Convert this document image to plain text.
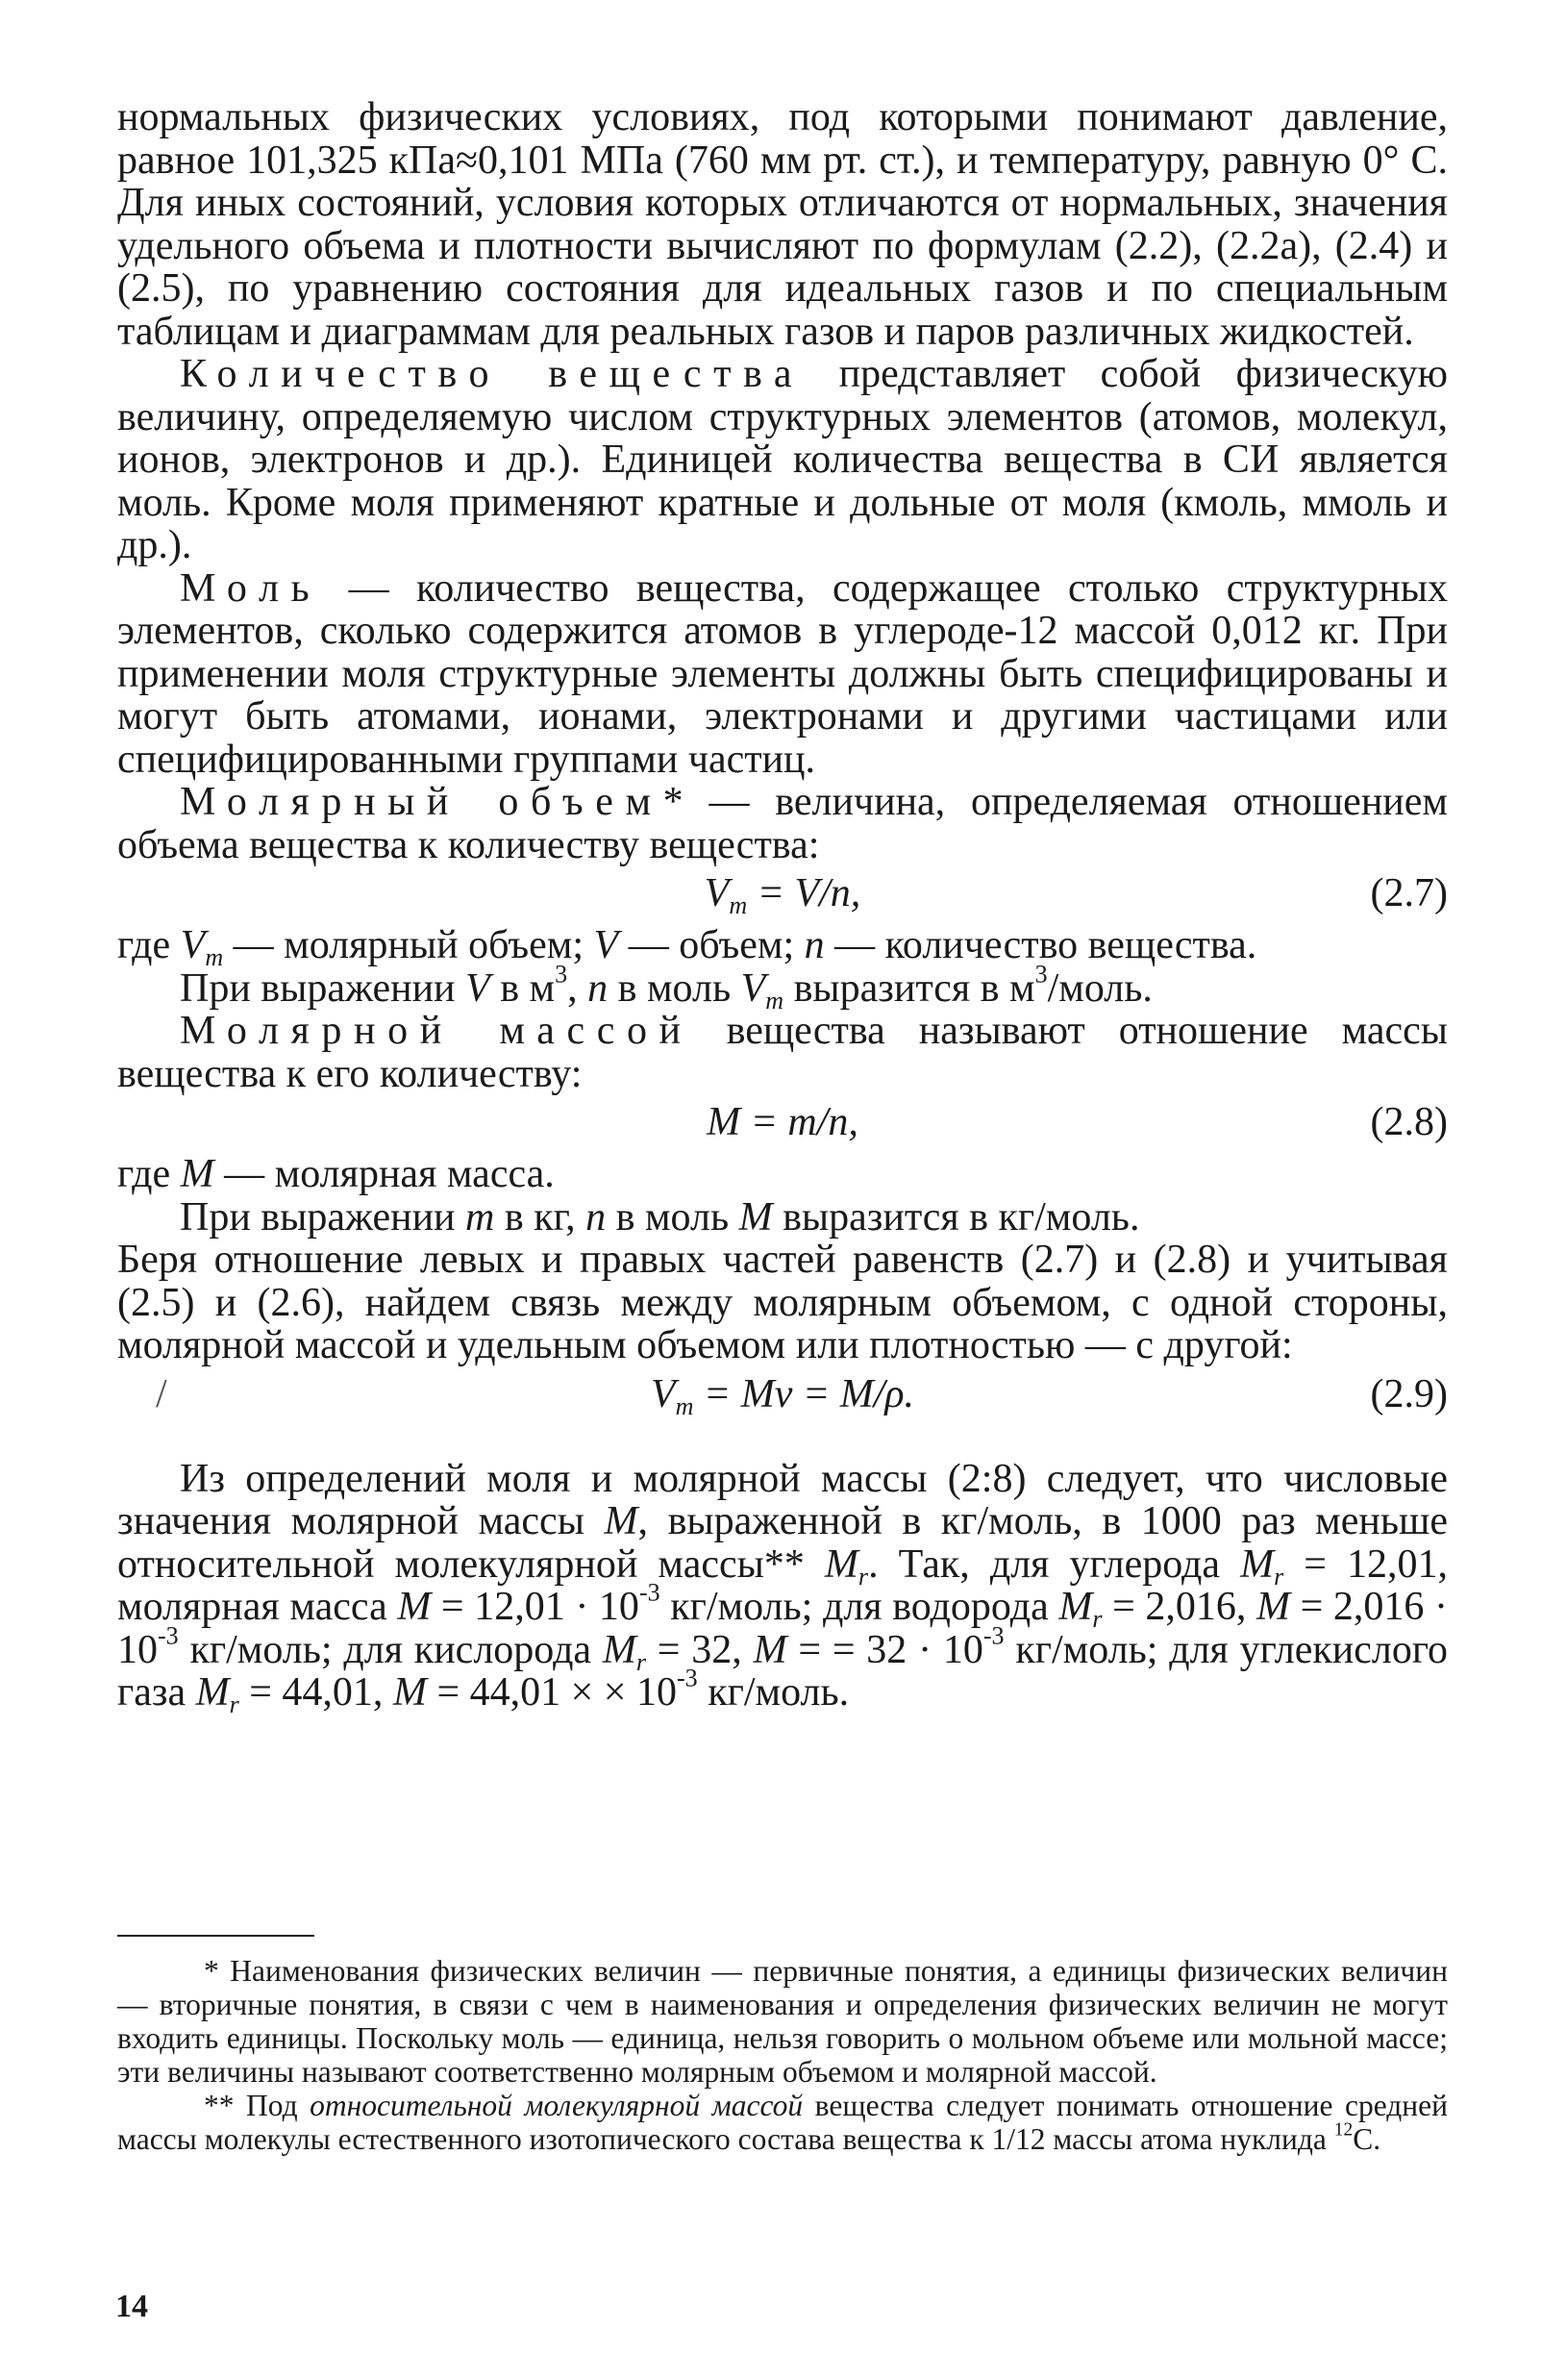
нормальных физических условиях, под которыми понимают давление, равное 101,325 кПа≈0,101 МПа (760 мм рт. ст.), и температуру, равную 0° С. Для иных состояний, условия которых отличаются от нормальных, значения удельного объема и плотности вычисляют по формулам (2.2), (2.2а), (2.4) и (2.5), по уравнению состояния для идеальных газов и по специальным таблицам и диаграммам для реальных газов и паров различных жидкостей.

Количество вещества представляет собой физическую величину, определяемую числом структурных элементов (атомов, молекул, ионов, электронов и др.). Единицей количества вещества в СИ является моль. Кроме моля применяют кратные и дольные от моля (кмоль, ммоль и др.).

Моль — количество вещества, содержащее столько структурных элементов, сколько содержится атомов в углероде-12 массой 0,012 кг. При применении моля структурные элементы должны быть специфицированы и могут быть атомами, ионами, электронами и другими частицами или специфицированными группами частиц.

Молярный объем* — величина, определяемая отношением объема вещества к количеству вещества:

$V_m = V/n$,	(2.7)

где $V_m$ — молярный объем; V — объем; n — количество вещества.

При выражении V в $м^3$, n в моль $V_m$ выразится в $м^3$/моль.

Молярной массой вещества называют отношение массы вещества к его количеству:

M = m/n,	(2.8)

где M — молярная масса.

При выражении m в кг, n в моль M выразится в кг/моль.

Беря отношение левых и правых частей равенств (2.7) и (2.8) и учитывая (2.5) и (2.6), найдем связь между молярным объемом, с одной стороны, молярной массой и удельным объемом или плотностью — с другой:

/	$V_m = Mv = M/\rho$.	(2.9)

Из определений моля и молярной массы (2:8) следует, что числовые значения молярной массы M, выраженной в кг/моль, в 1000 раз меньше относительной молекулярной массы** $M_r$. Так, для углерода $M_r = 12,01$, молярная масса $M = 12,01 \cdot 10^{-3}$ кг/моль; для водорода $M_r = 2,016$, $M = 2,016 \cdot 10^{-3}$ кг/моль; для кислорода $M_r = 32$, M = = $32 \cdot 10^{-3}$ кг/моль; для углекислого газа $M_r = 44,01$, M = 44,01 × × $10^{-3}$ кг/моль.

* Наименования физических величин — первичные понятия, а единицы физических величин — вторичные понятия, в связи с чем в наименования и определения физических величин не могут входить единицы. Поскольку моль — единица, нельзя говорить о мольном объеме или мольной массе; эти величины называют соответственно молярным объемом и молярной массой.

** Под относительной молекулярной массой вещества следует понимать отношение средней массы молекулы естественного изотопического состава вещества к 1/12 массы атома нуклида $^{12}$С.

14
